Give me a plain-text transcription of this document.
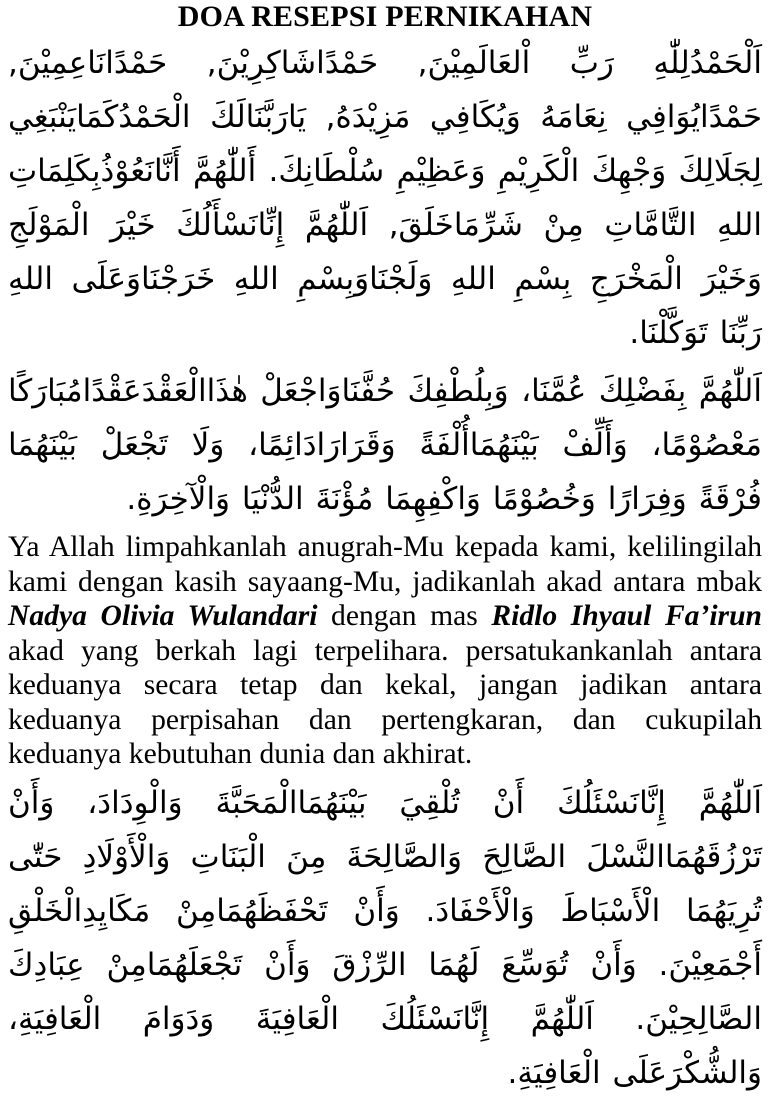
DOA RESEPSI PERNIKAHAN

اَلْحَمْدُلِلّٰهِ رَبِّ اْلعَالَمِيْنَ, حَمْدًاشَاكِرِيْنَ, حَمْدًانَاعِمِيْنَ, حَمْدًايُوَافِي نِعَامَهُ وَيُكَافِي مَزِيْدَهُ, يَارَبَّنَالَكَ الْحَمْدُكَمَايَنْبَغِي لِجَلَالِكَ وَجْهِكَ الْكَرِيْمِ وَعَظِيْمِ سُلْطَانِكَ. أَللّٰهُمَّ أَنَّانَعُوْذُبِكَلِمَاتِ اللهِ التَّامَّاتِ مِنْ شَرِّمَاخَلَقَ, اَللّٰهُمَّ إِنِّانَسْأَلُكَ خَيْرَ الْمَوْلَجِ وَخَيْرَ الْمَخْرَجِ بِسْمِ اللهِ وَلَجْنَاوَبِسْمِ اللهِ خَرَجْنَاوَعَلَى اللهِ رَبِّنَا تَوَكَّلْنَا.

اَللّٰهُمَّ بِفَضْلِكَ عُمَّنَا، وَبِلُطْفِكَ حُفَّنَاوَاجْعَلْ هٰذَاالْعَقْدَعَقْدًامُبَارَكًا مَعْصُوْمًا، وَأَلِّفْ بَيْنَهُمَاأُلْفَةً وَقَرَارَادَائِمًا، وَلَا تَجْعَلْ بَيْنَهُمَا فُرْقَةً وَفِرَارًا وَخُصُوْمًا وَاكْفِهِمَا مُؤْنَةَ الدُّنْيَا وَالْآخِرَةِ.

Ya Allah limpahkanlah anugrah-Mu kepada kami, kelilingilah kami dengan kasih sayaang-Mu, jadikanlah akad antara mbak Nadya Olivia Wulandari dengan mas Ridlo Ihyaul Fa’irun akad yang berkah lagi terpelihara. persatukankanlah antara keduanya secara tetap dan kekal, jangan jadikan antara keduanya perpisahan dan pertengkaran, dan cukupilah keduanya kebutuhan dunia dan akhirat.

اَللّٰهُمَّ إِنَّانَسْئَلُكَ أَنْ تُلْقِيَ بَيْنَهُمَاالْمَحَبَّةَ وَالْوِدَادَ، وَأَنْ تَرْزُقَهُمَاالنَّسْلَ الصَّالِحَ وَالصَّالِحَةَ مِنَ الْبَنَاتِ وَالْأَوْلَادِ حَتّٰى تُرِيَهُمَا الْأَسْبَاطَ وَالْأَحْفَادَ. وَأَنْ تَحْفَظَهُمَامِنْ مَكَايِدِالْخَلْقِ أَجْمَعِيْنَ. وَأَنْ تُوَسِّعَ لَهُمَا الرِّزْقَ وَأَنْ تَجْعَلَهُمَامِنْ عِبَادِكَ الصَّالِحِيْنَ. اَللّٰهُمَّ إِنَّانَسْئَلُكَ الْعَافِيَةَ وَدَوَامَ الْعَافِيَةِ، وَالشُّكْرَعَلَى الْعَافِيَةِ.
